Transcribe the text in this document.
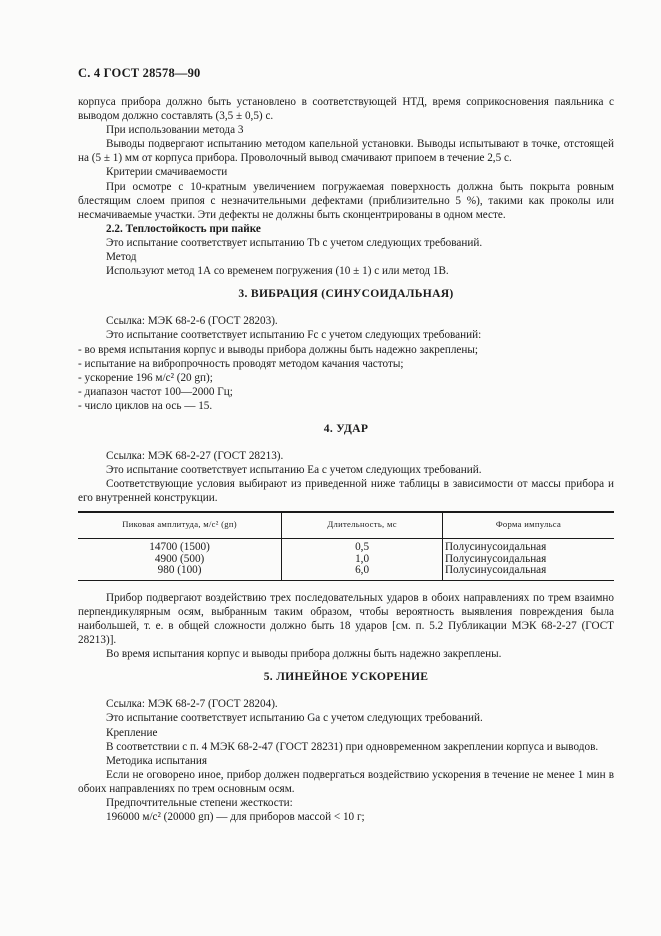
С. 4 ГОСТ 28578—90

корпуса прибора должно быть установлено в соответствующей НТД, время соприкосновения паяльника с выводом должно составлять (3,5 ± 0,5) с.

При использовании метода 3

Выводы подвергают испытанию методом капельной установки. Выводы испытывают в точке, отстоящей на (5 ± 1) мм от корпуса прибора. Проволочный вывод смачивают припоем в течение 2,5 с.

Критерии смачиваемости

При осмотре с 10-кратным увеличением погружаемая поверхность должна быть покрыта ровным блестящим слоем припоя с незначительными дефектами (приблизительно 5 %), такими как проколы или несмачиваемые участки. Эти дефекты не должны быть сконцентрированы в одном месте.

2.2. Теплостойкость при пайке

Это испытание соответствует испытанию Tb с учетом следующих требований.

Метод

Используют метод 1А со временем погружения (10 ± 1) с или метод 1В.

3. ВИБРАЦИЯ (СИНУСОИДАЛЬНАЯ)

Ссылка: МЭК 68-2-6 (ГОСТ 28203).

Это испытание соответствует испытанию Fc с учетом следующих требований:

- во время испытания корпус и выводы прибора должны быть надежно закреплены;

- испытание на вибропрочность проводят методом качания частоты;

- ускорение 196 м/с² (20 gп);

- диапазон частот 100—2000 Гц;

- число циклов на ось — 15.

4. УДАР

Ссылка: МЭК 68-2-27 (ГОСТ 28213).

Это испытание соответствует испытанию Ea с учетом следующих требований.

Соответствующие условия выбирают из приведенной ниже таблицы в зависимости от массы прибора и его внутренней конструкции.

Пиковая амплитуда, м/с² (gп)	Длительность, мс	Форма импульса
14700 (1500)	0,5	Полусинусоидальная
4900 (500)	1,0	Полусинусоидальная
980 (100)	6,0	Полусинусоидальная

Прибор подвергают воздействию трех последовательных ударов в обоих направлениях по трем взаимно перпендикулярным осям, выбранным таким образом, чтобы вероятность выявления повреждения была наибольшей, т. е. в общей сложности должно быть 18 ударов [см. п. 5.2 Публикации МЭК 68-2-27 (ГОСТ 28213)].

Во время испытания корпус и выводы прибора должны быть надежно закреплены.

5. ЛИНЕЙНОЕ УСКОРЕНИЕ

Ссылка: МЭК 68-2-7 (ГОСТ 28204).

Это испытание соответствует испытанию Ga с учетом следующих требований.

Крепление

В соответствии с п. 4 МЭК 68-2-47 (ГОСТ 28231) при одновременном закреплении корпуса и выводов.

Методика испытания

Если не оговорено иное, прибор должен подвергаться воздействию ускорения в течение не менее 1 мин в обоих направлениях по трем основным осям.

Предпочтительные степени жесткости:

196000 м/с² (20000 gп) — для приборов массой < 10 г;
